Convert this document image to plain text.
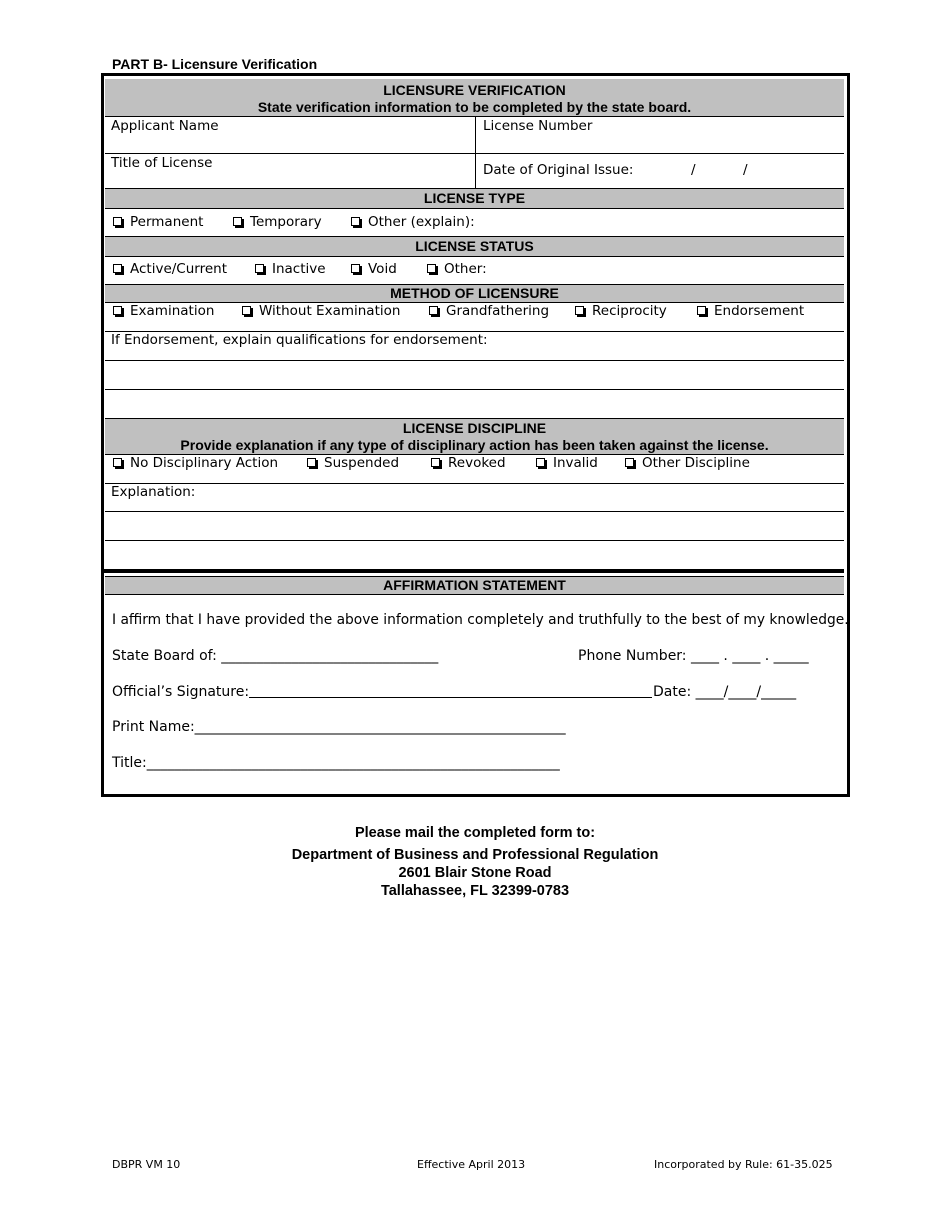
PART B- Licensure Verification
LICENSURE VERIFICATION
State verification information to be completed by the state board.
Applicant Name	License Number
Title of License	Date of Original Issue:	/	/
LICENSE TYPE
Permanent	Temporary	Other (explain):
LICENSE STATUS
Active/Current	Inactive	Void	Other:
METHOD OF LICENSURE
Examination	Without Examination	Grandfathering	Reciprocity	Endorsement
If Endorsement, explain qualifications for endorsement:
LICENSE DISCIPLINE
Provide explanation if any type of disciplinary action has been taken against the license.
No Disciplinary Action	Suspended	Revoked	Invalid	Other Discipline
Explanation:
AFFIRMATION STATEMENT
I affirm that I have provided the above information completely and truthfully to the best of my knowledge.
State Board of: _______________________________	Phone Number: ____ . ____ . _____
Official’s Signature:	Date: ____/____/_____
Print Name:_____________________________________________________
Title:___________________________________________________________
Please mail the completed form to:
Department of Business and Professional Regulation
2601 Blair Stone Road
Tallahassee, FL 32399-0783
DBPR VM 10	Effective April 2013	Incorporated by Rule: 61-35.025
